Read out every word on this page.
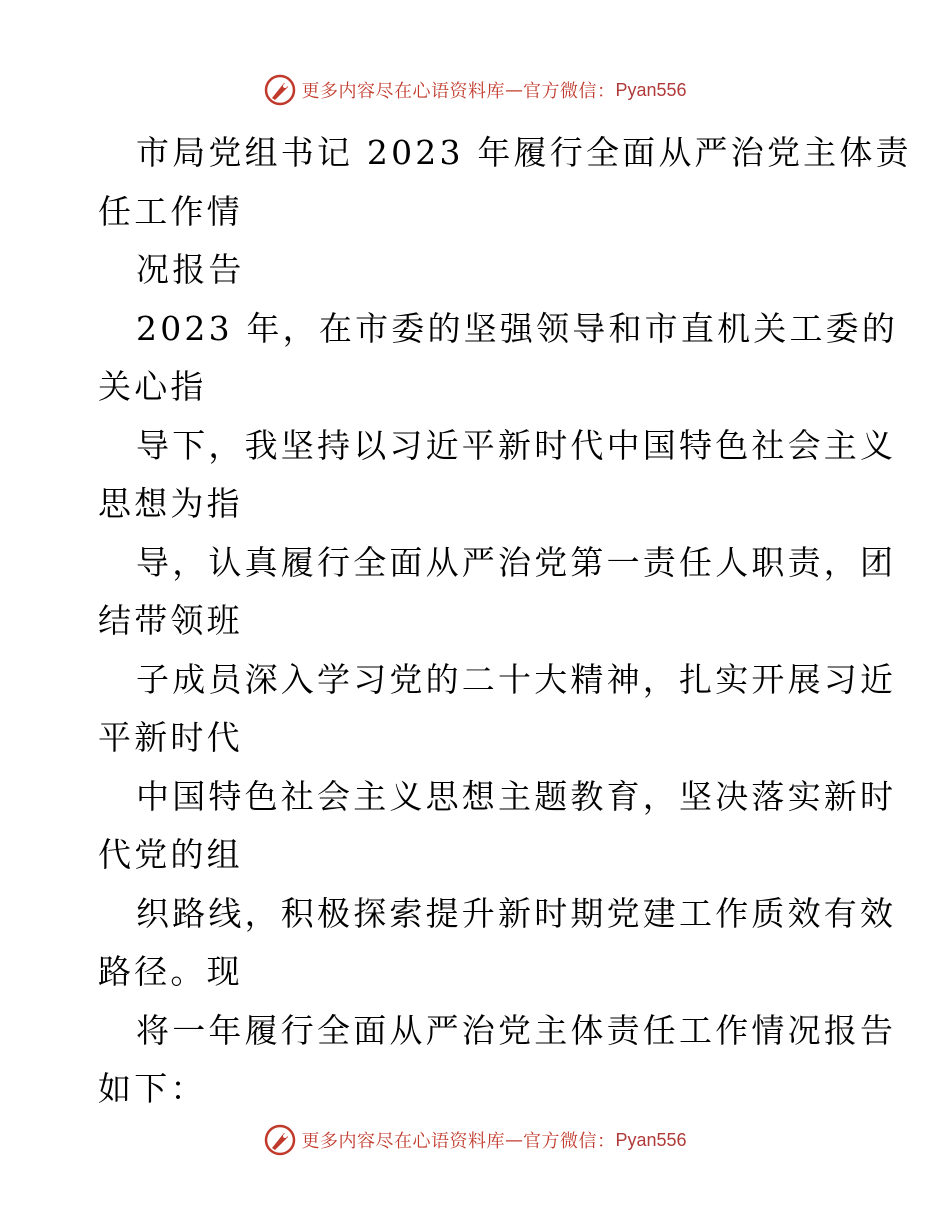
更多内容尽在心语资料库 — 官方微信： Pyan556
市局党组书记 2023 年履行全面从严治党主体责
任工作情
况报告
2023 年，在市委的坚强领导和市直机关工委的
关心指
导下，我坚持以习近平新时代中国特色社会主义
思想为指
导，认真履行全面从严治党第一责任人职责，团
结带领班
子成员深入学习党的二十大精神，扎实开展习近
平新时代
中国特色社会主义思想主题教育，坚决落实新时
代党的组
织路线，积极探索提升新时期党建工作质效有效
路径。现
将一年履行全面从严治党主体责任工作情况报告
如下：
更多内容尽在心语资料库 — 官方微信： Pyan556
